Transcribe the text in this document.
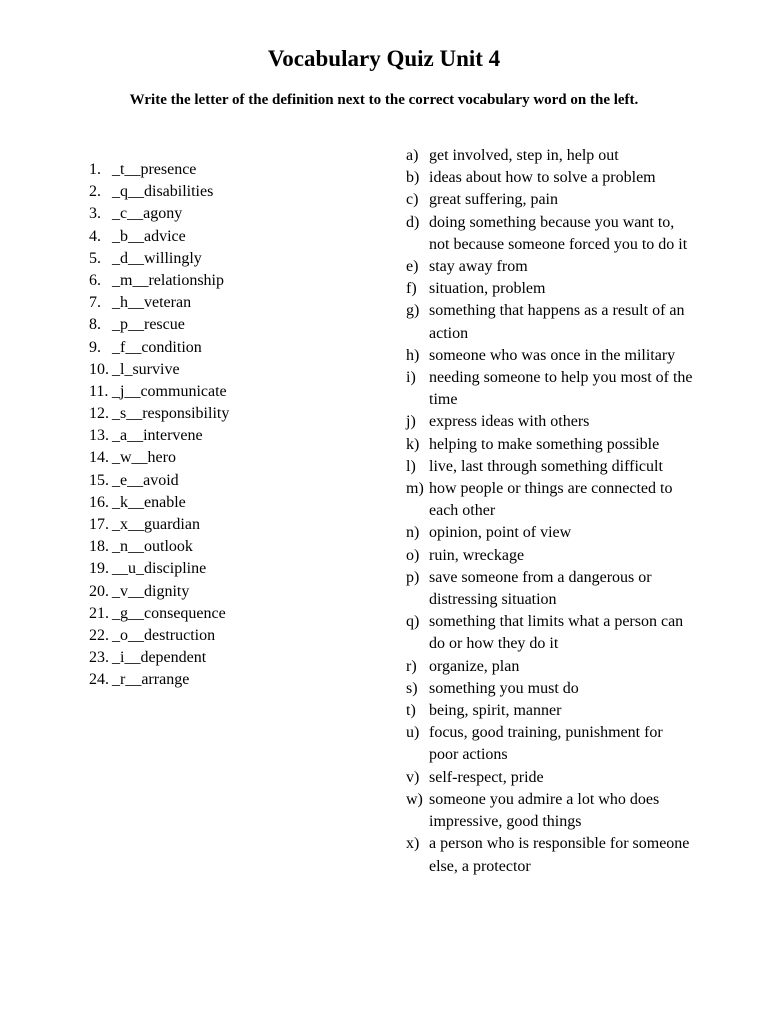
Vocabulary Quiz Unit 4
Write the letter of the definition next to the correct vocabulary word on the left.
1. _t__presence
2. _q__disabilities
3. _c__agony
4. _b__advice
5. _d__willingly
6. _m__relationship
7. _h__veteran
8. _p__rescue
9. _f__condition
10. _l_survive
11. _j__communicate
12. _s__responsibility
13. _a__intervene
14. _w__hero
15. _e__avoid
16. _k__enable
17. _x__guardian
18. _n__outlook
19. __u_discipline
20. _v__dignity
21. _g__consequence
22. _o__destruction
23. _i__dependent
24. _r__arrange
a) get involved, step in, help out
b) ideas about how to solve a problem
c) great suffering, pain
d) doing something because you want to, not because someone forced you to do it
e) stay away from
f) situation, problem
g) something that happens as a result of an action
h) someone who was once in the military
i) needing someone to help you most of the time
j) express ideas with others
k) helping to make something possible
l) live, last through something difficult
m) how people or things are connected to each other
n) opinion, point of view
o) ruin, wreckage
p) save someone from a dangerous or distressing situation
q) something that limits what a person can do or how they do it
r) organize, plan
s) something you must do
t) being, spirit, manner
u) focus, good training, punishment for poor actions
v) self-respect, pride
w) someone you admire a lot who does impressive, good things
x) a person who is responsible for someone else, a protector
